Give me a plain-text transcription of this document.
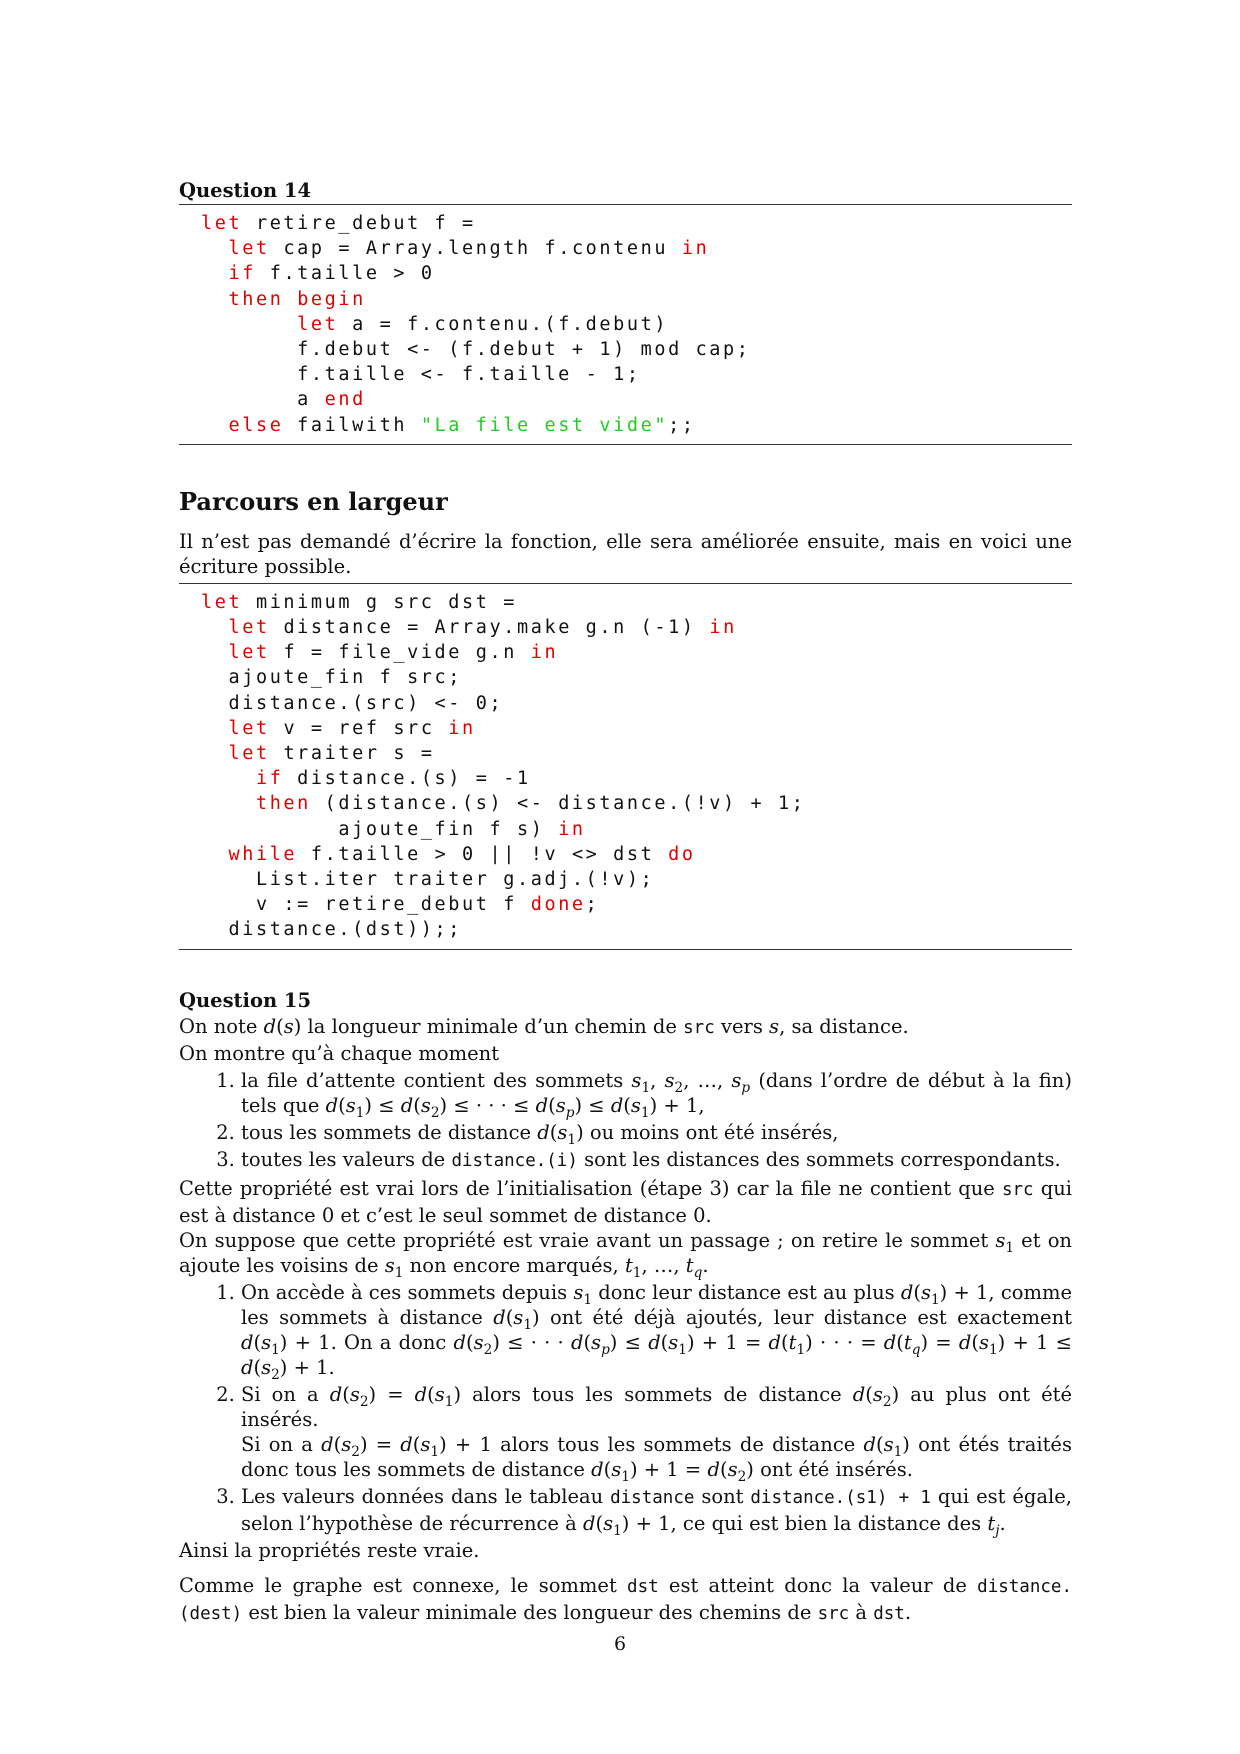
Question 14
let retire_debut f =
let cap = Array.length f.contenu in
if f.taille > 0
then begin
let a = f.contenu.(f.debut)
f.debut <- (f.debut + 1) mod cap;
f.taille <- f.taille - 1;
a end
else failwith "La file est vide";;
Parcours en largeur

Il n’est pas demandé d’écrire la fonction, elle sera améliorée ensuite, mais en voici une écriture possible.

let minimum g src dst =
let distance = Array.make g.n (-1) in
let f = file_vide g.n in
ajoute_fin f src;
distance.(src) <- 0;
let v = ref src in
let traiter s =
if distance.(s) = -1
then (distance.(s) <- distance.(!v) + 1;
ajoute_fin f s) in
while f.taille > 0 || !v <> dst do
List.iter traiter g.adj.(!v);
v := retire_debut f done;
distance.(dst));;
Question 15

On note d(s) la longueur minimale d’un chemin de src vers s, sa distance.

On montre qu’à chaque moment

1. la file d’attente contient des sommets $s_1$, $s_2$, …, $s_p$ (dans l’ordre de début à la fin) tels que $d(s_1) \le d(s_2)$ ≤ · · · ≤ $d(s_p) \le d(s_1) + 1$,
2. tous les sommets de distance $d(s_1)$ ou moins ont été insérés,
3. toutes les valeurs de distance.(i) sont les distances des sommets correspondants.

Cette propriété est vrai lors de l’initialisation (étape 3) car la file ne contient que src qui est à distance 0 et c’est le seul sommet de distance 0.

On suppose que cette propriété est vraie avant un passage ; on retire le sommet $s_1$ et on ajoute les voisins de $s_1$ non encore marqués, $t_1$, …, $t_q$.

1. On accède à ces sommets depuis $s_1$ donc leur distance est au plus $d(s_1) + 1$, comme les sommets à distance $d(s_1)$ ont été déjà ajoutés, leur distance est exactement $d(s_1) + 1$. On a donc $d(s_2)$ ≤ · · · $d(s_p) \le d(s_1) + 1 = d(t_1)$ · · · = $d(t_q) = d(s_1) + 1 \le d(s_2) + 1$.
2. Si on a $d(s_2) = d(s_1)$ alors tous les sommets de distance $d(s_2)$ au plus ont été insérés.
Si on a $d(s_2) = d(s_1) + 1$ alors tous les sommets de distance $d(s_1)$ ont étés traités donc tous les sommets de distance $d(s_1) + 1 = d(s_2)$ ont été insérés.
3. Les valeurs données dans le tableau distance sont distance.(s1) + 1 qui est égale, selon l’hypothèse de récurrence à $d(s_1) + 1$, ce qui est bien la distance des $t_j$.

Ainsi la propriétés reste vraie.

Comme le graphe est connexe, le sommet dst est atteint donc la valeur de distance.(dest) est bien la valeur minimale des longueur des chemins de src à dst.

6
